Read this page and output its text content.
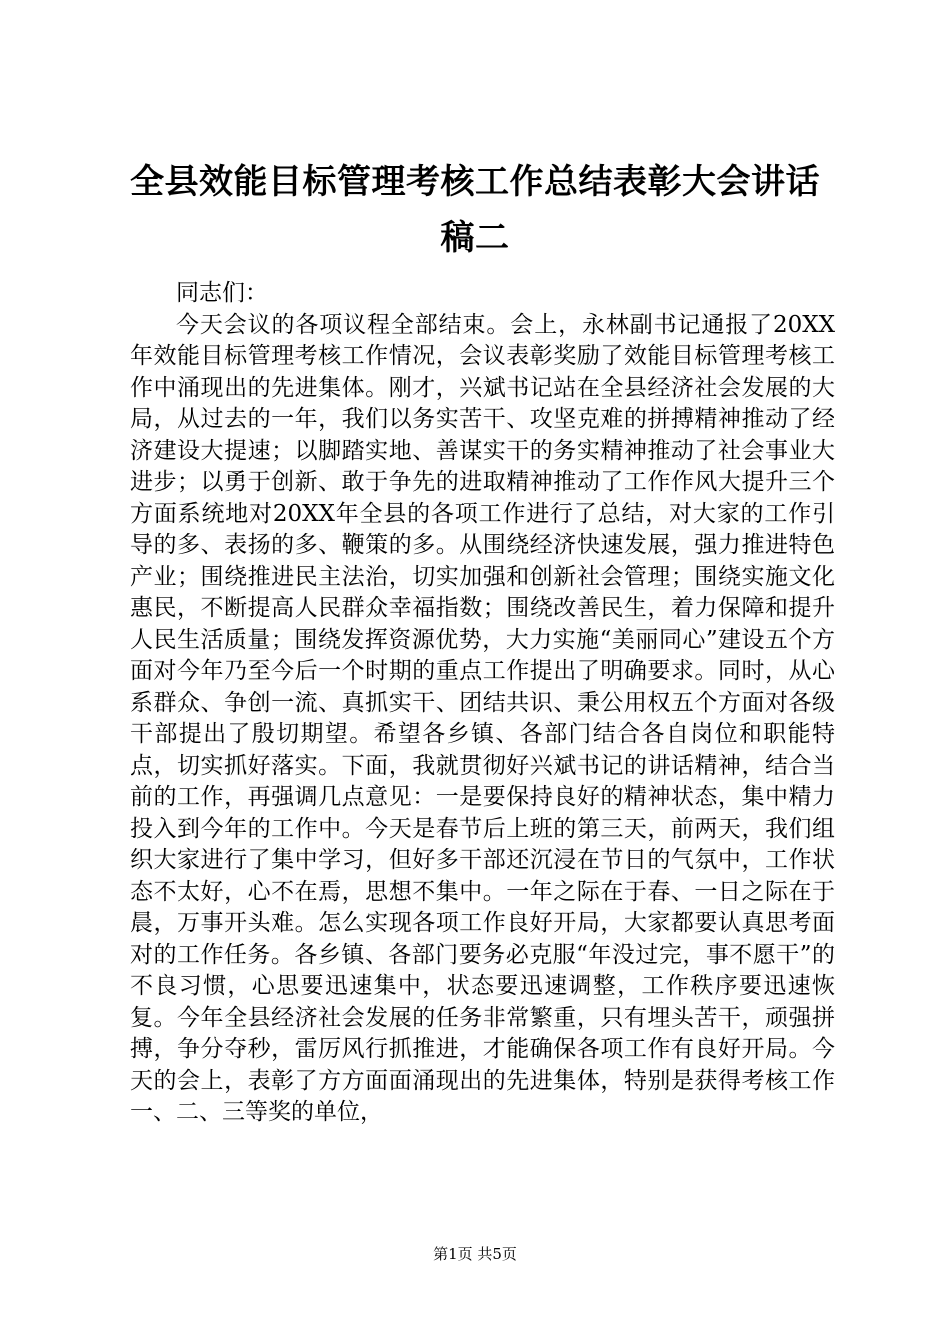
全县效能目标管理考核工作总结表彰大会讲话
稿二

同志们：

今天会议的各项议程全部结束。会上，永林副书记通报了20XX年效能目标管理考核工作情况，会议表彰奖励了效能目标管理考核工作中涌现出的先进集体。刚才，兴斌书记站在全县经济社会发展的大局，从过去的一年，我们以务实苦干、攻坚克难的拼搏精神推动了经济建设大提速；以脚踏实地、善谋实干的务实精神推动了社会事业大进步；以勇于创新、敢于争先的进取精神推动了工作作风大提升三个方面系统地对20XX年全县的各项工作进行了总结，对大家的工作引导的多、表扬的多、鞭策的多。从围绕经济快速发展，强力推进特色产业；围绕推进民主法治，切实加强和创新社会管理；围绕实施文化惠民，不断提高人民群众幸福指数；围绕改善民生，着力保障和提升人民生活质量；围绕发挥资源优势，大力实施“美丽同心”建设五个方面对今年乃至今后一个时期的重点工作提出了明确要求。同时，从心系群众、争创一流、真抓实干、团结共识、秉公用权五个方面对各级干部提出了殷切期望。希望各乡镇、各部门结合各自岗位和职能特点，切实抓好落实。下面，我就贯彻好兴斌书记的讲话精神，结合当前的工作，再强调几点意见：一是要保持良好的精神状态，集中精力投入到今年的工作中。今天是春节后上班的第三天，前两天，我们组织大家进行了集中学习，但好多干部还沉浸在节日的气氛中，工作状态不太好，心不在焉，思想不集中。一年之际在于春、一日之际在于晨，万事开头难。怎么实现各项工作良好开局，大家都要认真思考面对的工作任务。各乡镇、各部门要务必克服“年没过完，事不愿干”的不良习惯，心思要迅速集中，状态要迅速调整，工作秩序要迅速恢复。今年全县经济社会发展的任务非常繁重，只有埋头苦干，顽强拼搏，争分夺秒，雷厉风行抓推进，才能确保各项工作有良好开局。今天的会上，表彰了方方面面涌现出的先进集体，特别是获得考核工作一、二、三等奖的单位，

第1页 共5页
